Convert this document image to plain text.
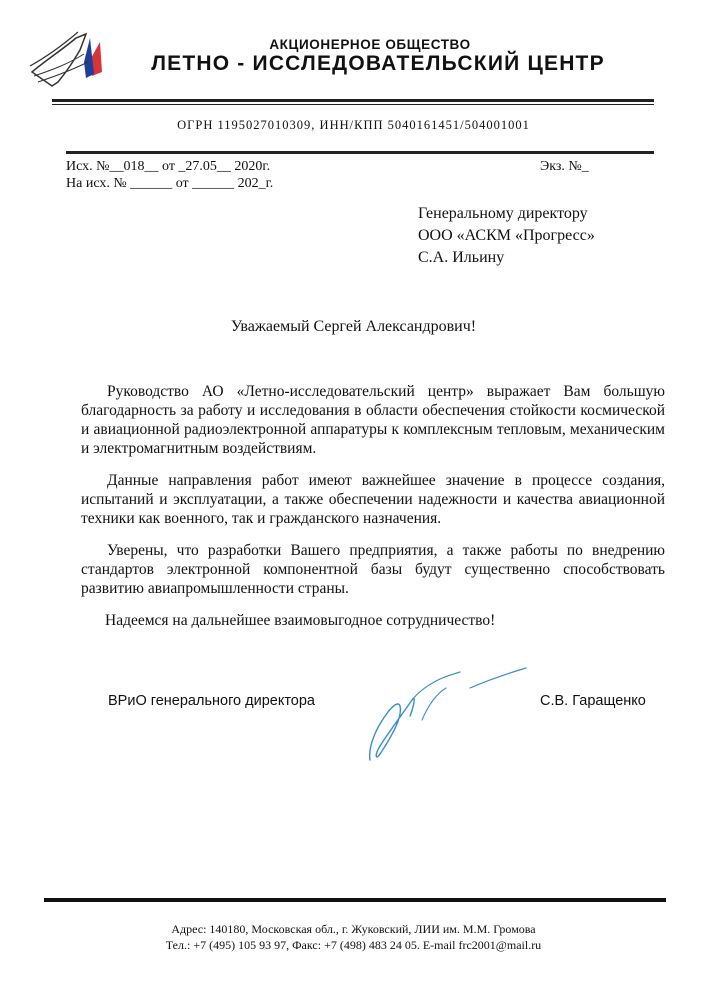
АКЦИОНЕРНОЕ ОБЩЕСТВО
ЛЕТНО - ИССЛЕДОВАТЕЛЬСКИЙ ЦЕНТР
ОГРН 1195027010309, ИНН/КПП 5040161451/504001001
Исх. №__018__ от _27.05__ 2020г.	Экз. №_
На исх. № ______ от ______ 202_г.
Генеральному директору
ООО «АСКМ «Прогресс»
С.А. Ильину
Уважаемый Сергей Александрович!

Руководство АО «Летно-исследовательский центр» выражает Вам большую благодарность за работу и исследования в области обеспечения стойкости космической и авиационной радиоэлектронной аппаратуры к комплексным тепловым, механическим и электромагнитным воздействиям.

Данные направления работ имеют важнейшее значение в процессе создания, испытаний и эксплуатации, а также обеспечении надежности и качества авиационной техники как военного, так и гражданского назначения.

Уверены, что разработки Вашего предприятия, а также работы по внедрению стандартов электронной компонентной базы будут существенно способствовать развитию авиапромышленности страны.

Надеемся на дальнейшее взаимовыгодное сотрудничество!

ВРиО генерального директора	С.В. Гаращенко
Адрес: 140180, Московская обл., г. Жуковский, ЛИИ им. М.М. Громова
Тел.: +7 (495) 105 93 97, Факс: +7 (498) 483 24 05. E-mail frc2001@mail.ru
